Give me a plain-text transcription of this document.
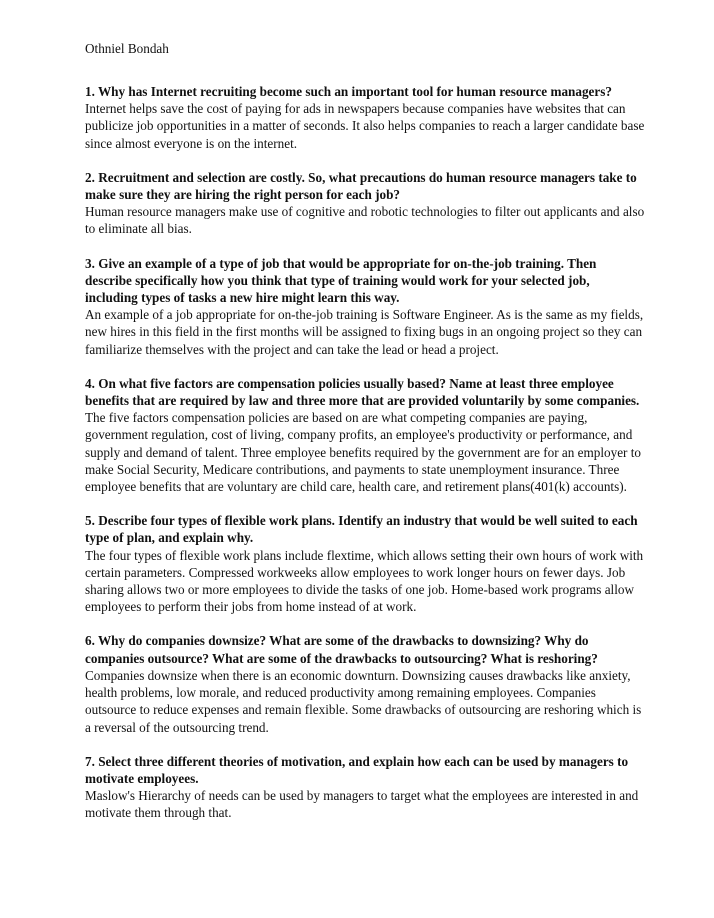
Othniel Bondah

1. Why has Internet recruiting become such an important tool for human resource managers?

Internet helps save the cost of paying for ads in newspapers because companies have websites that can publicize job opportunities in a matter of seconds. It also helps companies to reach a larger candidate base since almost everyone is on the internet.

2. Recruitment and selection are costly. So, what precautions do human resource managers take to make sure they are hiring the right person for each job?

Human resource managers make use of cognitive and robotic technologies to filter out applicants and also to eliminate all bias.

3. Give an example of a type of job that would be appropriate for on-the-job training. Then describe specifically how you think that type of training would work for your selected job, including types of tasks a new hire might learn this way.

An example of a job appropriate for on-the-job training is Software Engineer. As is the same as my fields, new hires in this field in the first months will be assigned to fixing bugs in an ongoing project so they can familiarize themselves with the project and can take the lead or head a project.

4. On what five factors are compensation policies usually based? Name at least three employee benefits that are required by law and three more that are provided voluntarily by some companies.

The five factors compensation policies are based on are what competing companies are paying, government regulation, cost of living, company profits, an employee's productivity or performance, and supply and demand of talent. Three employee benefits required by the government are for an employer to make Social Security, Medicare contributions, and payments to state unemployment insurance. Three employee benefits that are voluntary are child care, health care, and retirement plans(401(k) accounts).

5. Describe four types of flexible work plans. Identify an industry that would be well suited to each type of plan, and explain why.

The four types of flexible work plans include flextime, which allows setting their own hours of work with certain parameters. Compressed workweeks allow employees to work longer hours on fewer days. Job sharing allows two or more employees to divide the tasks of one job. Home-based work programs allow employees to perform their jobs from home instead of at work.

6. Why do companies downsize? What are some of the drawbacks to downsizing? Why do companies outsource? What are some of the drawbacks to outsourcing? What is reshoring?

Companies downsize when there is an economic downturn. Downsizing causes drawbacks like anxiety, health problems, low morale, and reduced productivity among remaining employees. Companies outsource to reduce expenses and remain flexible. Some drawbacks of outsourcing are reshoring which is a reversal of the outsourcing trend.

7. Select three different theories of motivation, and explain how each can be used by managers to motivate employees.

Maslow's Hierarchy of needs can be used by managers to target what the employees are interested in and motivate them through that.
